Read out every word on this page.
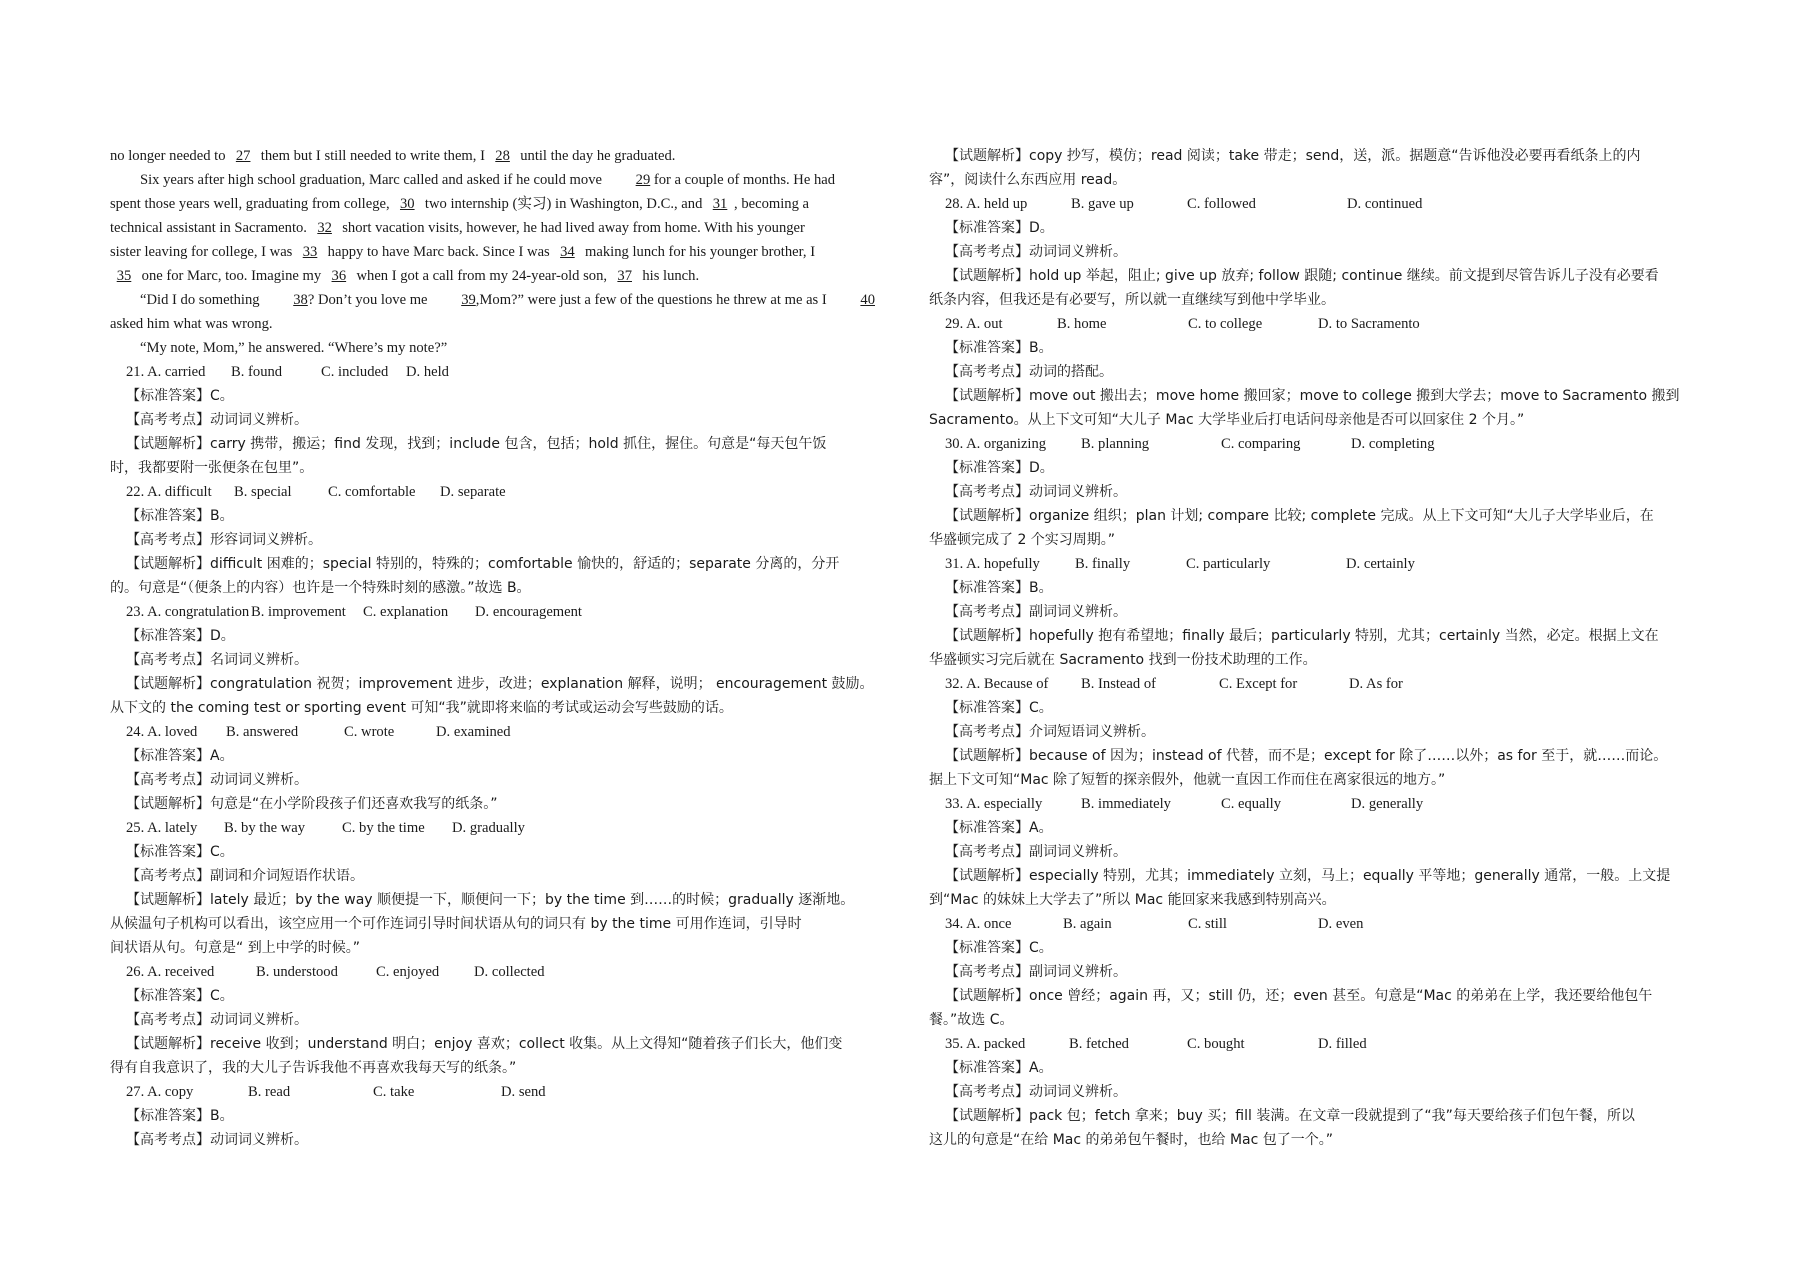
no longer needed to 27 them but I still needed to write them, I 28 until the day he graduated.
Six years after high school graduation, Marc called and asked if he could move 29 for a couple of months. He had
spent those years well, graduating from college, 30 two internship (实习) in Washington, D.C., and 31 , becoming a
technical assistant in Sacramento. 32 short vacation visits, however, he had lived away from home. With his younger
sister leaving for college, I was 33 happy to have Marc back. Since I was 34 making lunch for his younger brother, I
35 one for Marc, too. Imagine my 36 when I got a call from my 24-year-old son, 37 his lunch.
“Did I do something 38? Don’t you love me 39,Mom?” were just a few of the questions he threw at me as I 40
asked him what was wrong.
“My note, Mom,” he answered. “Where’s my note?”
21. A. carried B. found	C. included D. held
【标准答案】C。
【高考考点】动词词义辨析。
【试题解析】carry 携带，搬运；find 发现，找到；include 包含，包括；hold 抓住，握住。句意是“每天包午饭
时，我都要附一张便条在包里”。
22. A. difficult B. special C. comfortable D. separate
【标准答案】B。
【高考考点】形容词词义辨析。
【试题解析】difficult 困难的；special 特别的，特殊的；comfortable 愉快的，舒适的；separate 分离的，分开
的。句意是“（便条上的内容）也许是一个特殊时刻的感激。”故选 B。
23. A. congratulation B. improvement C. explanation D. encouragement
【标准答案】D。
【高考考点】名词词义辨析。
【试题解析】congratulation 祝贺；improvement 进步，改进；explanation 解释，说明； encouragement 鼓励。
从下文的 the coming test or sporting event 可知“我”就即将来临的考试或运动会写些鼓励的话。
24. A. loved B. answered	C. wrote	D. examined
【标准答案】A。
【高考考点】动词词义辨析。
【试题解析】句意是“在小学阶段孩子们还喜欢我写的纸条。”
25. A. lately B. by the way	C. by the time D. gradually
【标准答案】C。
【高考考点】副词和介词短语作状语。
【试题解析】lately 最近；by the way 顺便提一下，顺便问一下；by the time 到……的时候；gradually 逐渐地。
从候温句子机构可以看出，该空应用一个可作连词引导时间状语从句的词只有 by the time 可用作连词，引导时
间状语从句。句意是“ 到上中学的时候。”
26. A. received	B. understood	C. enjoyed D. collected
【标准答案】C。
【高考考点】动词词义辨析。
【试题解析】receive 收到；understand 明白；enjoy 喜欢；collect 收集。从上文得知“随着孩子们长大，他们变
得有自我意识了，我的大儿子告诉我他不再喜欢我每天写的纸条。”
27. A. copy	B. read	C. take	D. send
【标准答案】B。
【高考考点】动词词义辨析。
【试题解析】copy 抄写，模仿；read 阅读；take 带走；send，送，派。据题意“告诉他没必要再看纸条上的内
容”，阅读什么东西应用 read。
28. A. held up	B. gave up	C. followed	D. continued
【标准答案】D。
【高考考点】动词词义辨析。
【试题解析】hold up 举起，阻止; give up 放弃; follow 跟随; continue 继续。前文提到尽管告诉儿子没有必要看
纸条内容，但我还是有必要写，所以就一直继续写到他中学毕业。
29. A. out	B. home	C. to college	D. to Sacramento
【标准答案】B。
【高考考点】动词的搭配。
【试题解析】move out 搬出去；move home 搬回家；move to college 搬到大学去；move to Sacramento 搬到
Sacramento。从上下文可知“大儿子 Mac 大学毕业后打电话问母亲他是否可以回家住 2 个月。”
30. A. organizing B. planning	C. comparing	D. completing
【标准答案】D。
【高考考点】动词词义辨析。
【试题解析】organize 组织；plan 计划; compare 比较; complete 完成。从上下文可知“大儿子大学毕业后，在
华盛顿完成了 2 个实习周期。”
31. A. hopefully B. finally	C. particularly	D. certainly
【标准答案】B。
【高考考点】副词词义辨析。
【试题解析】hopefully 抱有希望地；finally 最后；particularly 特别，尤其；certainly 当然，必定。根据上文在
华盛顿实习完后就在 Sacramento 找到一份技术助理的工作。
32. A. Because of B. Instead of	C. Except for	D. As for
【标准答案】C。
【高考考点】介词短语词义辨析。
【试题解析】because of 因为；instead of 代替，而不是；except for 除了……以外；as for 至于，就……而论。
据上下文可知“Mac 除了短暂的探亲假外，他就一直因工作而住在离家很远的地方。”
33. A. especially	B. immediately	C. equally	D. generally
【标准答案】A。
【高考考点】副词词义辨析。
【试题解析】especially 特别，尤其；immediately 立刻，马上；equally 平等地；generally 通常，一般。上文提
到“Mac 的妹妹上大学去了”所以 Mac 能回家来我感到特别高兴。
34. A. once	B. again	C. still	D. even
【标准答案】C。
【高考考点】副词词义辨析。
【试题解析】once 曾经；again 再，又；still 仍，还；even 甚至。句意是“Mac 的弟弟在上学，我还要给他包午
餐。”故选 C。
35. A. packed	B. fetched	C. bought	D. filled
【标准答案】A。
【高考考点】动词词义辨析。
【试题解析】pack 包；fetch 拿来；buy 买；fill 装满。在文章一段就提到了“我”每天要给孩子们包午餐，所以
这儿的句意是“在给 Mac 的弟弟包午餐时，也给 Mac 包了一个。”
